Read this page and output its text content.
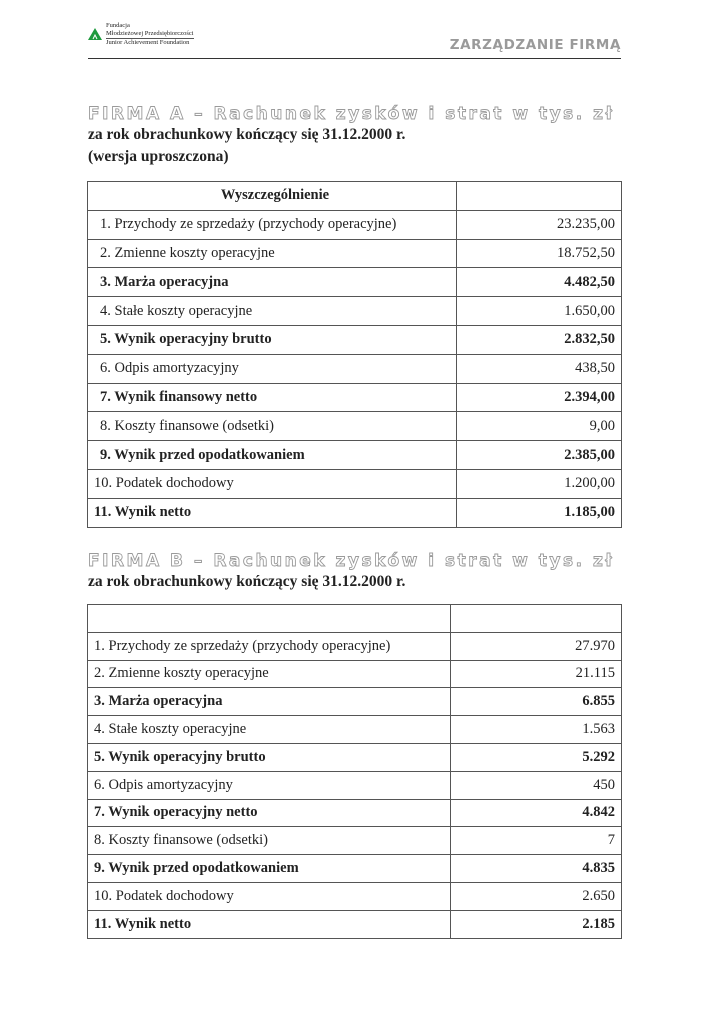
Fundacja
Młodzieżowej Przedsiębiorczości
Junior Achievement Foundation	ZARZĄDZANIE FIRMĄ
FIRMA A – Rachunek zysków i strat w tys. zł
za rok obrachunkowy kończący się 31.12.2000 r.
(wersja uproszczona)
Wyszczególnienie	
1. Przychody ze sprzedaży (przychody operacyjne)	23.235,00
2. Zmienne koszty operacyjne	18.752,50
3. Marża operacyjna	4.482,50
4. Stałe koszty operacyjne	1.650,00
5. Wynik operacyjny brutto	2.832,50
6. Odpis amortyzacyjny	438,50
7. Wynik finansowy netto	2.394,00
8. Koszty finansowe (odsetki)	9,00
9. Wynik przed opodatkowaniem	2.385,00
10. Podatek dochodowy	1.200,00
11. Wynik netto	1.185,00
FIRMA B – Rachunek zysków i strat w tys. zł
za rok obrachunkowy kończący się 31.12.2000 r.

1. Przychody ze sprzedaży (przychody operacyjne)	27.970
2. Zmienne koszty operacyjne	21.115
3. Marża operacyjna	6.855
4. Stałe koszty operacyjne	1.563
5. Wynik operacyjny brutto	5.292
6. Odpis amortyzacyjny	450
7. Wynik operacyjny netto	4.842
8. Koszty finansowe (odsetki)	7
9. Wynik przed opodatkowaniem	4.835
10. Podatek dochodowy	2.650
11. Wynik netto	2.185
